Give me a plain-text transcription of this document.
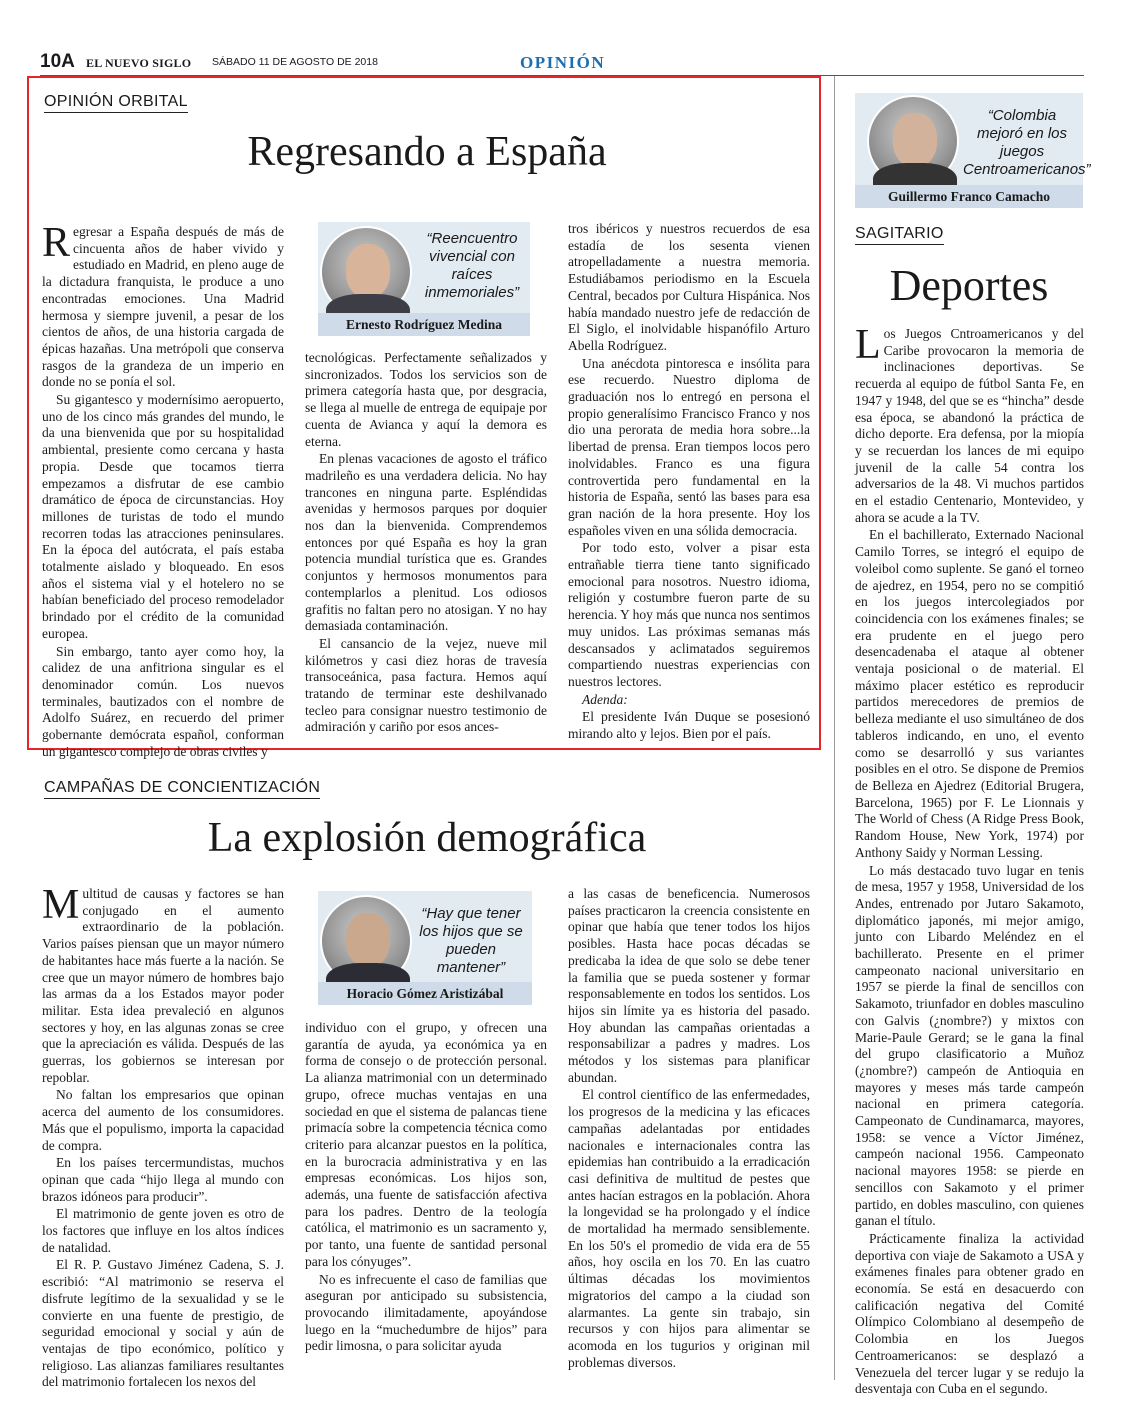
10A EL NUEVO SIGLO SÁBADO 11 DE AGOSTO DE 2018	OPINIÓN
OPINIÓN ORBITAL
Regresando a España

Regresar a España después de más de cincuenta años de haber vivido y estudiado en Madrid, en pleno auge de la dictadura franquista, le produce a uno encontradas emociones. Una Madrid hermosa y siempre juvenil, a pesar de los cientos de años, de una historia cargada de épicas hazañas. Una metrópoli que conserva rasgos de la grandeza de un imperio en donde no se ponía el sol.

Su gigantesco y modernísimo aeropuerto, uno de los cinco más grandes del mundo, le da una bienvenida que por su hospitalidad ambiental, presiente como cercana y hasta propia. Desde que tocamos tierra empezamos a disfrutar de ese cambio dramático de época de circunstancias. Hoy millones de turistas de todo el mundo recorren todas las atracciones peninsulares. En la época del autócrata, el país estaba totalmente aislado y bloqueado. En esos años el sistema vial y el hotelero no se habían beneficiado del proceso remodelador brindado por el crédito de la comunidad europea.

Sin embargo, tanto ayer como hoy, la calidez de una anfitriona singular es el denominador común. Los nuevos terminales, bautizados con el nombre de Adolfo Suárez, en recuerdo del primer gobernante demócrata español, conforman un gigantesco complejo de obras civiles y

“Reencuentro vivencial con raíces inmemoriales”
Ernesto Rodríguez Medina

tecnológicas. Perfectamente señalizados y sincronizados. Todos los servicios son de primera categoría hasta que, por desgracia, se llega al muelle de entrega de equipaje por cuenta de Avianca y aquí la demora es eterna.

En plenas vacaciones de agosto el tráfico madrileño es una verdadera delicia. No hay trancones en ninguna parte. Espléndidas avenidas y hermosos parques por doquier nos dan la bienvenida. Comprendemos entonces por qué España es hoy la gran potencia mundial turística que es. Grandes conjuntos y hermosos monumentos para contemplarlos a plenitud. Los odiosos grafitis no faltan pero no atosigan. Y no hay demasiada contaminación.

El cansancio de la vejez, nueve mil kilómetros y casi diez horas de travesía transoceánica, pasa factura. Hemos aquí tratando de terminar este deshilvanado tecleo para consignar nuestro testimonio de admiración y cariño por esos ances-

tros ibéricos y nuestros recuerdos de esa estadía de los sesenta vienen atropelladamente a nuestra memoria. Estudiábamos periodismo en la Escuela Central, becados por Cultura Hispánica. Nos había mandado nuestro jefe de redacción de El Siglo, el inolvidable hispanófilo Arturo Abella Rodríguez.

Una anécdota pintoresca e insólita para ese recuerdo. Nuestro diploma de graduación nos lo entregó en persona el propio generalísimo Francisco Franco y nos dio una perorata de media hora sobre...la libertad de prensa. Eran tiempos locos pero inolvidables. Franco es una figura controvertida pero fundamental en la historia de España, sentó las bases para esa gran nación de la hora presente. Hoy los españoles viven en una sólida democracia.

Por todo esto, volver a pisar esta entrañable tierra tiene tanto significado emocional para nosotros. Nuestro idioma, religión y costumbre fueron parte de su herencia. Y hoy más que nunca nos sentimos muy unidos. Las próximas semanas más descansados y aclimatados seguiremos compartiendo nuestras experiencias con nuestros lectores.

Adenda:

El presidente Iván Duque se posesionó mirando alto y lejos. Bien por el país.

CAMPAÑAS DE CONCIENTIZACIÓN
La explosión demográfica

Multitud de causas y factores se han conjugado en el aumento extraordinario de la población. Varios países piensan que un mayor número de habitantes hace más fuerte a la nación. Se cree que un mayor número de hombres bajo las armas da a los Estados mayor poder militar. Esta idea prevaleció en algunos sectores y hoy, en las algunas zonas se cree que la apreciación es válida. Después de las guerras, los gobiernos se interesan por repoblar.

No faltan los empresarios que opinan acerca del aumento de los consumidores. Más que el populismo, importa la capacidad de compra.

En los países tercermundistas, muchos opinan que cada “hijo llega al mundo con brazos idóneos para producir”.

El matrimonio de gente joven es otro de los factores que influye en los altos índices de natalidad.

El R. P. Gustavo Jiménez Cadena, S. J. escribió: “Al matrimonio se reserva el disfrute legítimo de la sexualidad y se le convierte en una fuente de prestigio, de seguridad emocional y social y aún de ventajas de tipo económico, político y religioso. Las alianzas familiares resultantes del matrimonio fortalecen los nexos del

“Hay que tener los hijos que se pueden mantener”
Horacio Gómez Aristizábal

individuo con el grupo, y ofrecen una garantía de ayuda, ya económica ya en forma de consejo o de protección personal. La alianza matrimonial con un determinado grupo, ofrece muchas ventajas en una sociedad en que el sistema de palancas tiene primacía sobre la competencia técnica como criterio para alcanzar puestos en la política, en la burocracia administrativa y en las empresas económicas. Los hijos son, además, una fuente de satisfacción afectiva para los padres. Dentro de la teología católica, el matrimonio es un sacramento y, por tanto, una fuente de santidad personal para los cónyuges”.

No es infrecuente el caso de familias que aseguran por anticipado su subsistencia, provocando ilimitadamente, apoyándose luego en la “muchedumbre de hijos” para pedir limosna, o para solicitar ayuda

a las casas de beneficencia. Numerosos países practicaron la creencia consistente en opinar que había que tener todos los hijos posibles. Hasta hace pocas décadas se predicaba la idea de que solo se debe tener la familia que se pueda sostener y formar responsablemente en todos los sentidos. Los hijos sin límite ya es historia del pasado. Hoy abundan las campañas orientadas a responsabilizar a padres y madres. Los métodos y los sistemas para planificar abundan.

El control científico de las enfermedades, los progresos de la medicina y las eficaces campañas adelantadas por entidades nacionales e internacionales contra las epidemias han contribuido a la erradicación casi definitiva de multitud de pestes que antes hacían estragos en la población. Ahora la longevidad se ha prolongado y el índice de mortalidad ha mermado sensiblemente. En los 50's el promedio de vida era de 55 años, hoy oscila en los 70. En las cuatro últimas décadas los movimientos migratorios del campo a la ciudad son alarmantes. La gente sin trabajo, sin recursos y con hijos para alimentar se acomoda en los tugurios y originan mil problemas diversos.

“Colombia mejoró en los juegos Centroamericanos”
Guillermo Franco Camacho
SAGITARIO
Deportes

Los Juegos Cntroamericanos y del Caribe provocaron la memoria de inclinaciones deportivas. Se recuerda al equipo de fútbol Santa Fe, en 1947 y 1948, del que se es “hincha” desde esa época, se abandonó la práctica de dicho deporte. Era defensa, por la miopía y se recuerdan los lances de mi equipo juvenil de la calle 54 contra los adversarios de la 48. Vi muchos partidos en el estadio Centenario, Montevideo, y ahora se acude a la TV.

En el bachillerato, Externado Nacional Camilo Torres, se integró el equipo de voleibol como suplente. Se ganó el torneo de ajedrez, en 1954, pero no se compitió en los juegos intercolegiados por coincidencia con los exámenes finales; se era prudente en el juego pero desencadenaba el ataque al obtener ventaja posicional o de material. El máximo placer estético es reproducir partidos merecedores de premios de belleza mediante el uso simultáneo de dos tableros indicando, en uno, el evento como se desarrolló y sus variantes posibles en el otro. Se dispone de Premios de Belleza en Ajedrez (Editorial Brugera, Barcelona, 1965) por F. Le Lionnais y The World of Chess (A Ridge Press Book, Random House, New York, 1974) por Anthony Saidy y Norman Lessing.

Lo más destacado tuvo lugar en tenis de mesa, 1957 y 1958, Universidad de los Andes, entrenado por Jutaro Sakamoto, diplomático japonés, mi mejor amigo, junto con Libardo Meléndez en el bachillerato. Presente en el primer campeonato nacional universitario en 1957 se pierde la final de sencillos con Sakamoto, triunfador en dobles masculino con Galvis (¿nombre?) y mixtos con Marie-Paule Gerard; se le gana la final del grupo clasificatorio a Muñoz (¿nombre?) campeón de Antioquia en mayores y meses más tarde campeón nacional en primera categoría. Campeonato de Cundinamarca, mayores, 1958: se vence a Víctor Jiménez, campeón nacional 1956. Campeonato nacional mayores 1958: se pierde en sencillos con Sakamoto y el primer partido, en dobles masculino, con quienes ganan el título.

Prácticamente finaliza la actividad deportiva con viaje de Sakamoto a USA y exámenes finales para obtener grado en economía. Se está en desacuerdo con calificación negativa del Comité Olímpico Colombiano al desempeño de Colombia en los Juegos Centroamericanos: se desplazó a Venezuela del tercer lugar y se redujo la desventaja con Cuba en el segundo.
